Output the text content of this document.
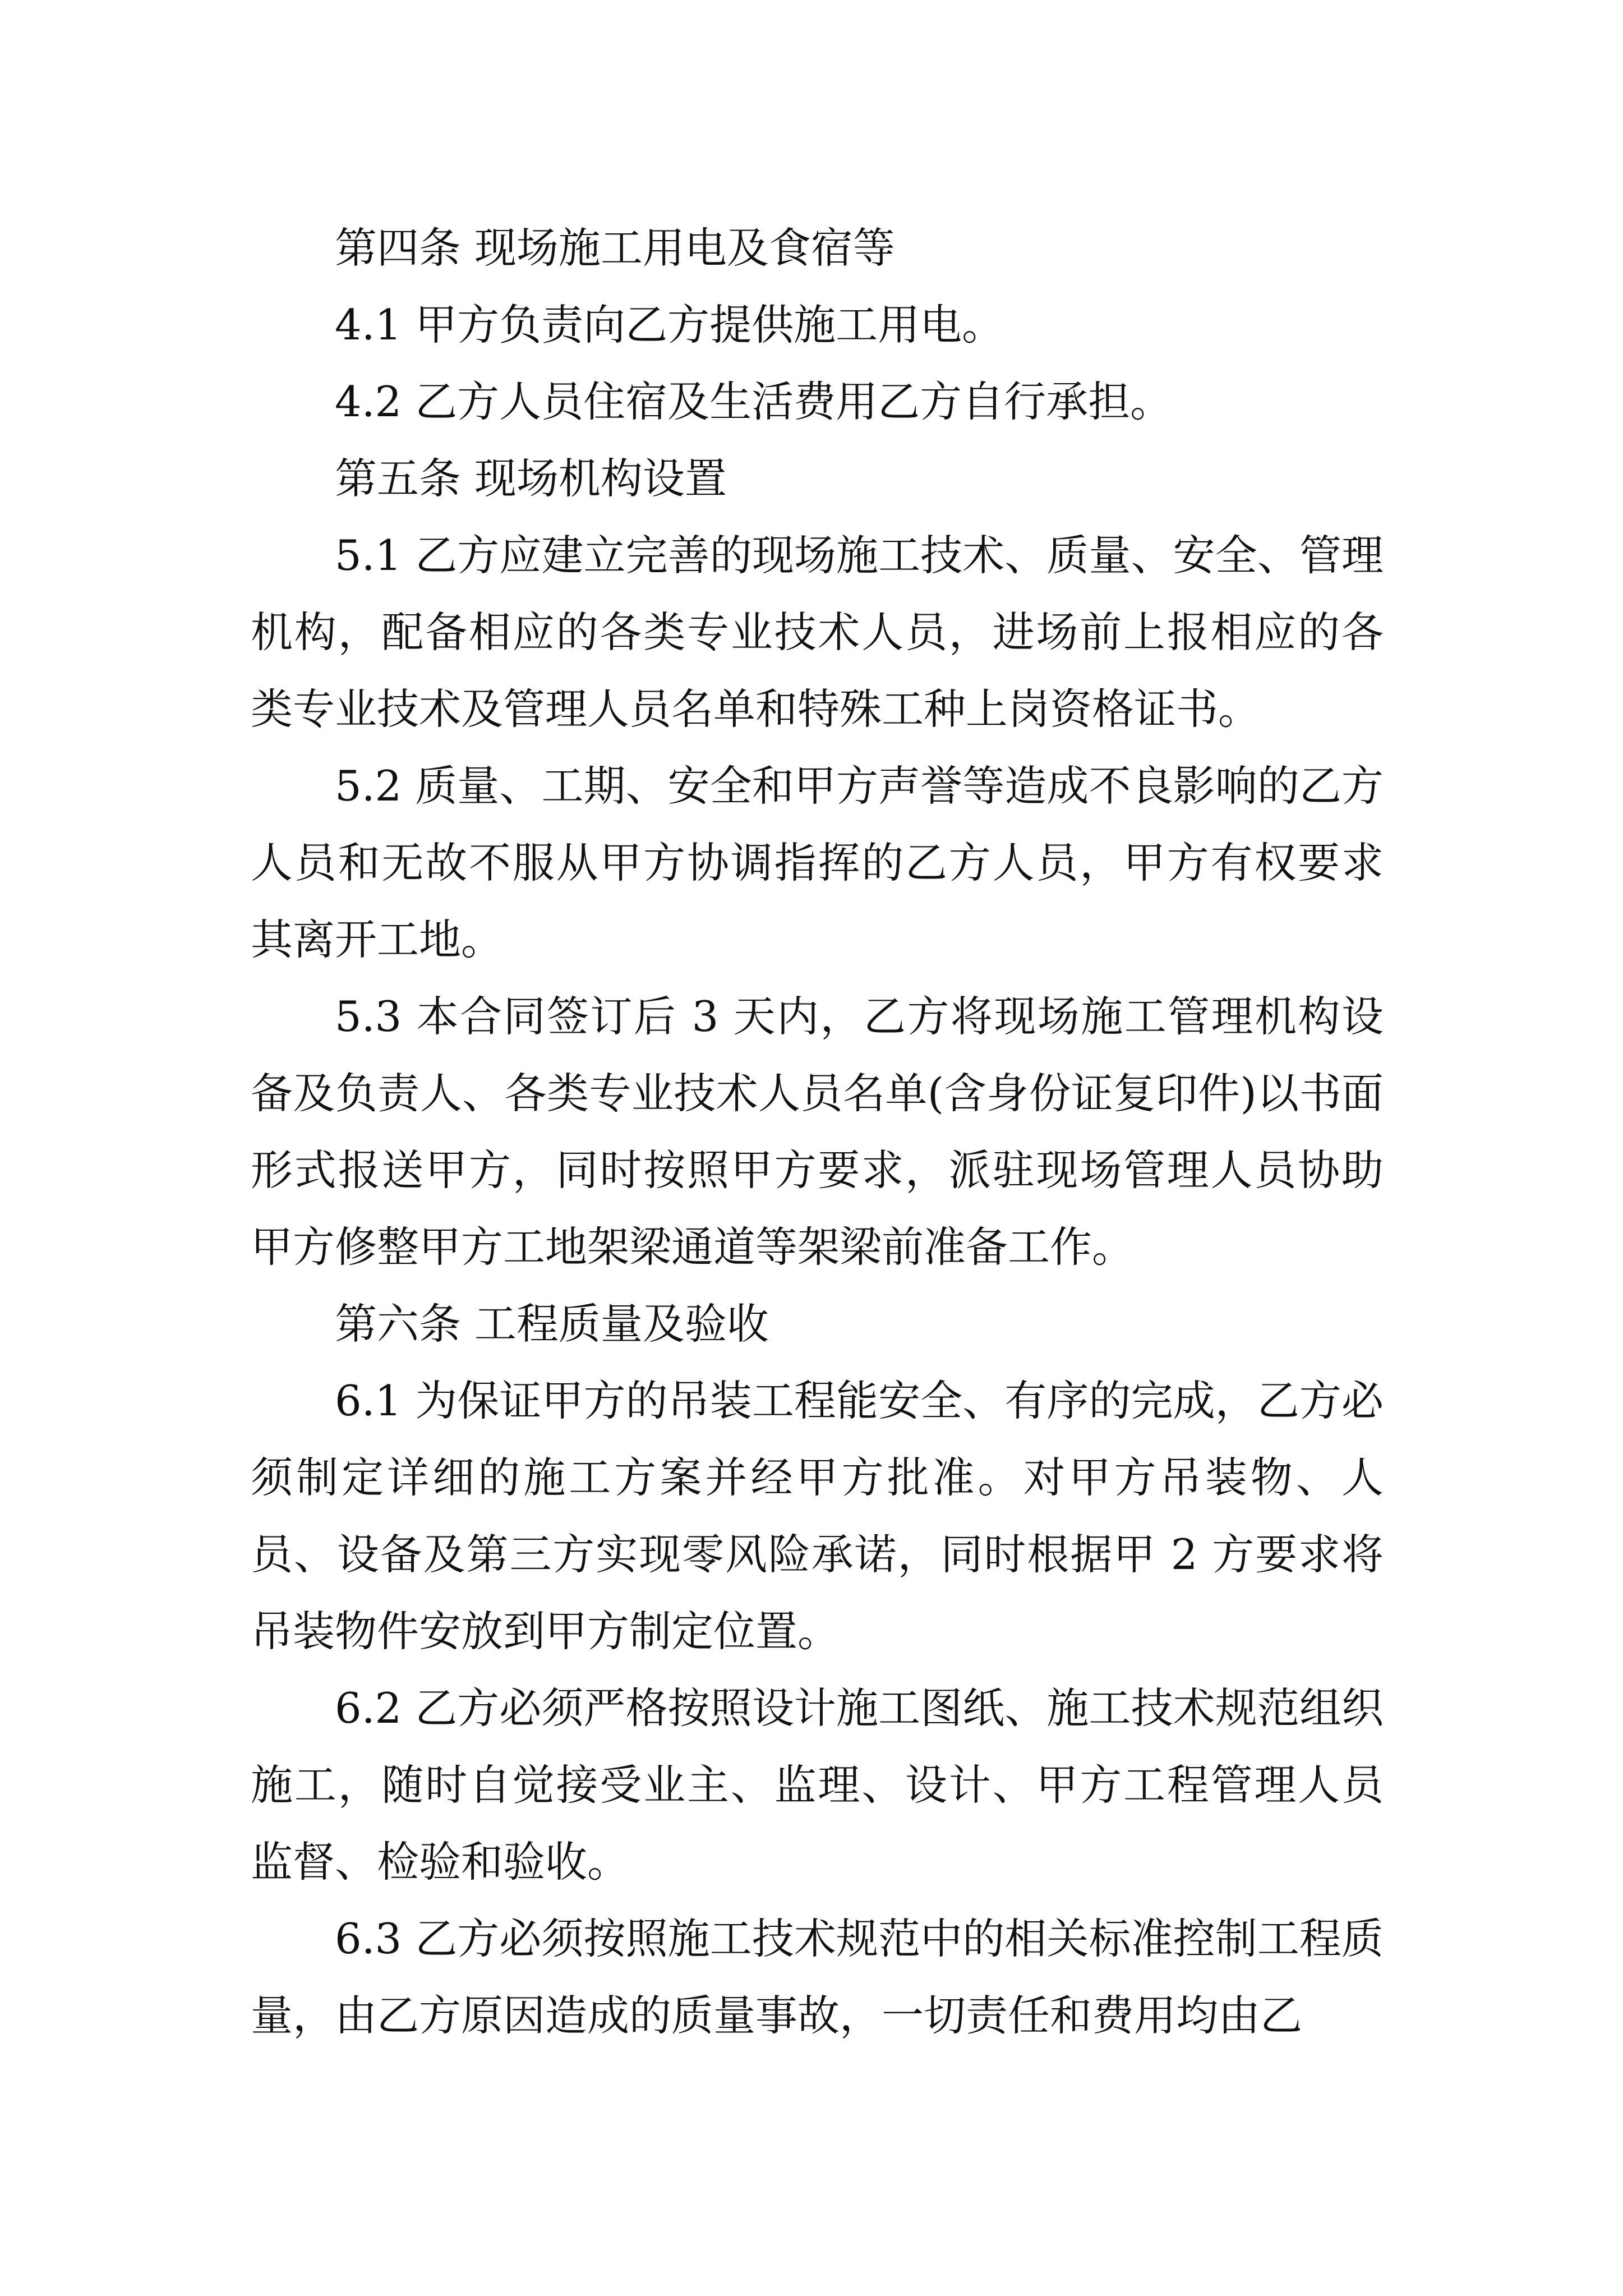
第四条 现场施工用电及食宿等

4.1 甲方负责向乙方提供施工用电。

4.2 乙方人员住宿及生活费用乙方自行承担。

第五条 现场机构设置

5.1 乙方应建立完善的现场施工技术、质量、安全、管理机构，配备相应的各类专业技术人员，进场前上报相应的各类专业技术及管理人员名单和特殊工种上岗资格证书。

5.2 质量、工期、安全和甲方声誉等造成不良影响的乙方人员和无故不服从甲方协调指挥的乙方人员，甲方有权要求其离开工地。

5.3 本合同签订后 3 天内，乙方将现场施工管理机构设备及负责人、各类专业技术人员名单(含身份证复印件)以书面形式报送甲方，同时按照甲方要求，派驻现场管理人员协助甲方修整甲方工地架梁通道等架梁前准备工作。

第六条 工程质量及验收

6.1 为保证甲方的吊装工程能安全、有序的完成，乙方必须制定详细的施工方案并经甲方批准。对甲方吊装物、人员、设备及第三方实现零风险承诺，同时根据甲 2 方要求将吊装物件安放到甲方制定位置。

6.2 乙方必须严格按照设计施工图纸、施工技术规范组织施工，随时自觉接受业主、监理、设计、甲方工程管理人员监督、检验和验收。

6.3 乙方必须按照施工技术规范中的相关标准控制工程质量，由乙方原因造成的质量事故，一切责任和费用均由乙
